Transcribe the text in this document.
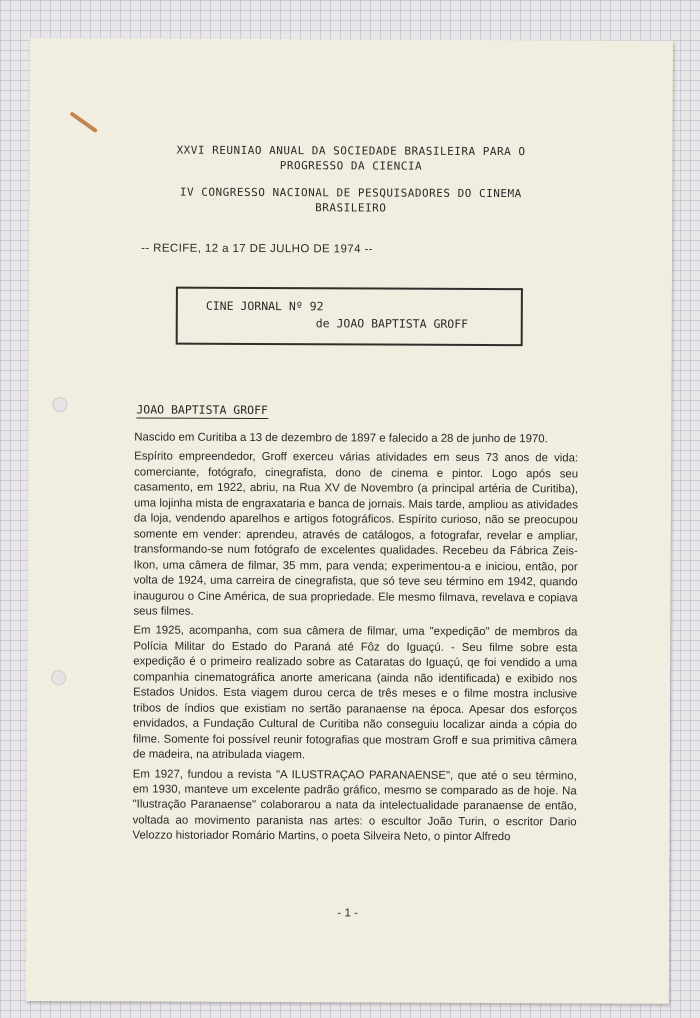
XXVI REUNIAO ANUAL DA SOCIEDADE BRASILEIRA PARA O
PROGRESSO DA CIENCIA
IV CONGRESSO NACIONAL DE PESQUISADORES DO CINEMA
BRASILEIRO
-- RECIFE, 12 a 17 DE JULHO DE 1974 --
CINE JORNAL Nº 92
de JOAO BAPTISTA GROFF
JOAO BAPTISTA GROFF

Nascido em Curitiba a 13 de dezembro de 1897 e falecido a 28 de junho de 1970.

Espírito empreendedor, Groff exerceu várias atividades em seus 73 anos de vida: comerciante, fotógrafo, cinegrafista, dono de cinema e pintor. Logo após seu casamento, em 1922, abriu, na Rua XV de Novembro (a principal artéria de Curitiba), uma lojinha mista de engraxataria e banca de jornais. Mais tarde, ampliou as atividades da loja, vendendo aparelhos e artigos fotográficos. Espírito curioso, não se preocupou somente em vender: aprendeu, através de catálogos, a fotografar, revelar e ampliar, transformando-se num fotógrafo de excelentes qualidades. Recebeu da Fábrica Zeis-Ikon, uma câmera de filmar, 35 mm, para venda; experimentou-a e iniciou, então, por volta de 1924, uma carreira de cinegrafista, que só teve seu término em 1942, quando inaugurou o Cine América, de sua propriedade. Ele mesmo filmava, revelava e copiava seus filmes.

Em 1925, acompanha, com sua câmera de filmar, uma "expedição" de membros da Polícia Militar do Estado do Paraná até Fôz do Iguaçú. - Seu filme sobre esta expedição é o primeiro realizado sobre as Cataratas do Iguaçú, qe foi vendido a uma companhia cinematográfica anorte americana (ainda não identificada) e exibido nos Estados Unidos. Esta viagem durou cerca de três meses e o filme mostra inclusive tribos de índios que existiam no sertão paranaense na época. Apesar dos esforços envidados, a Fundação Cultural de Curitiba não conseguiu localizar ainda a cópia do filme. Somente foi possível reunir fotografias que mostram Groff e sua primitiva câmera de madeira, na atribulada viagem.

Em 1927, fundou a revista "A ILUSTRAÇAO PARANAENSE", que até o seu término, em 1930, manteve um excelente padrão gráfico, mesmo se comparado as de hoje. Na "Ilustração Paranaense" colaborarou a nata da intelectualidade paranaense de então, voltada ao movimento paranista nas artes: o escultor João Turin, o escritor Dario Velozzo historiador Romário Martins, o poeta Silveira Neto, o pintor Alfredo

- 1 -
